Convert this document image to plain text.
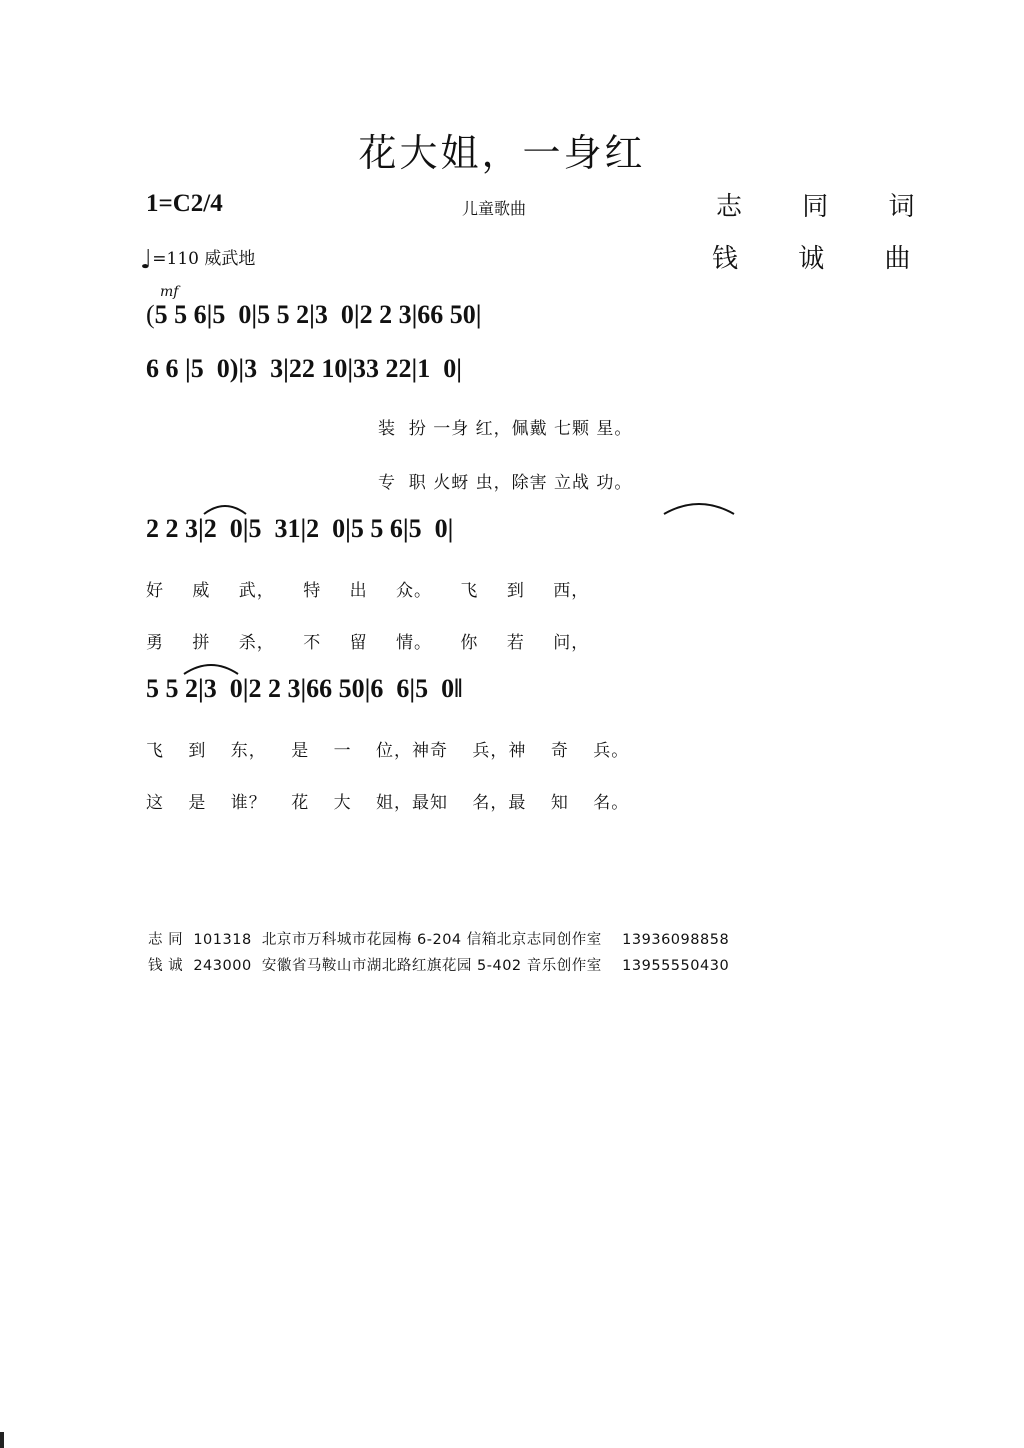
花大姐，一身红
1=C2/4	儿童歌曲	志 同 词
钱 诚 曲
♩=110 威武地
mf
(5 5 6|5  0|5 5 2|3  0|2 2 3|66 50|
6 6 |5  0)|3  3|22 10|33 22|1  0|
2 2 3|2  0|5  31|2  0|5 5 6|5  0|
5 5 2|3  0|2 2 3|66 50|6  6|5  0‖
装  扮 一身 红，佩戴 七颗 星。
专  职 火蚜 虫，除害 立战 功。
好 威 武， 特 出 众。 飞 到 西，
勇 拼 杀， 不 留 情。 你 若 问，
飞 到 东， 是 一 位，神奇 兵，神 奇 兵。
这 是 谁？ 花 大 姐，最知 名，最 知 名。
志 同  101318  北京市万科城市花园梅 6-204 信箱北京志同创作室    13936098858
钱 诚  243000  安徽省马鞍山市湖北路红旗花园 5-402 音乐创作室    13955550430
